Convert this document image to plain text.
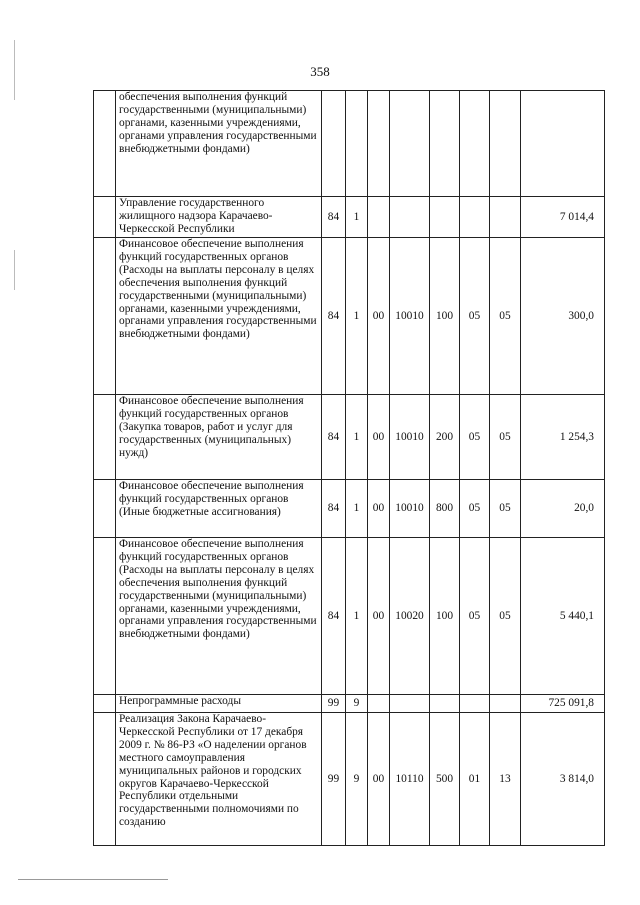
358
	обеспечения выполнения функций государственными (муниципальными) органами, казенными учреждениями, органами управления государственными внебюджетными фондами)								
	Управление государственного жилищного надзора Карачаево-Черкесской Республики	84	1						7 014,4
	Финансовое обеспечение выполнения функций государственных органов (Расходы на выплаты персоналу в целях обеспечения выполнения функций государственными (муниципальными) органами, казенными учреждениями, органами управления государственными внебюджетными фондами)	84	1	00	10010	100	05	05	300,0
	Финансовое обеспечение выполнения функций государственных органов (Закупка товаров, работ и услуг для государственных (муниципальных) нужд)	84	1	00	10010	200	05	05	1 254,3
	Финансовое обеспечение выполнения функций государственных органов (Иные бюджетные ассигнования)	84	1	00	10010	800	05	05	20,0
	Финансовое обеспечение выполнения функций государственных органов (Расходы на выплаты персоналу в целях обеспечения выполнения функций государственными (муниципальными) органами, казенными учреждениями, органами управления государственными внебюджетными фондами)	84	1	00	10020	100	05	05	5 440,1
	Непрограммные расходы	99	9						725 091,8
	Реализация Закона Карачаево-Черкесской Республики от 17 декабря 2009 г. № 86-РЗ «О наделении органов местного самоуправления муниципальных районов и городских округов Карачаево-Черкесской Республики отдельными государственными полномочиями по созданию	99	9	00	10110	500	01	13	3 814,0
